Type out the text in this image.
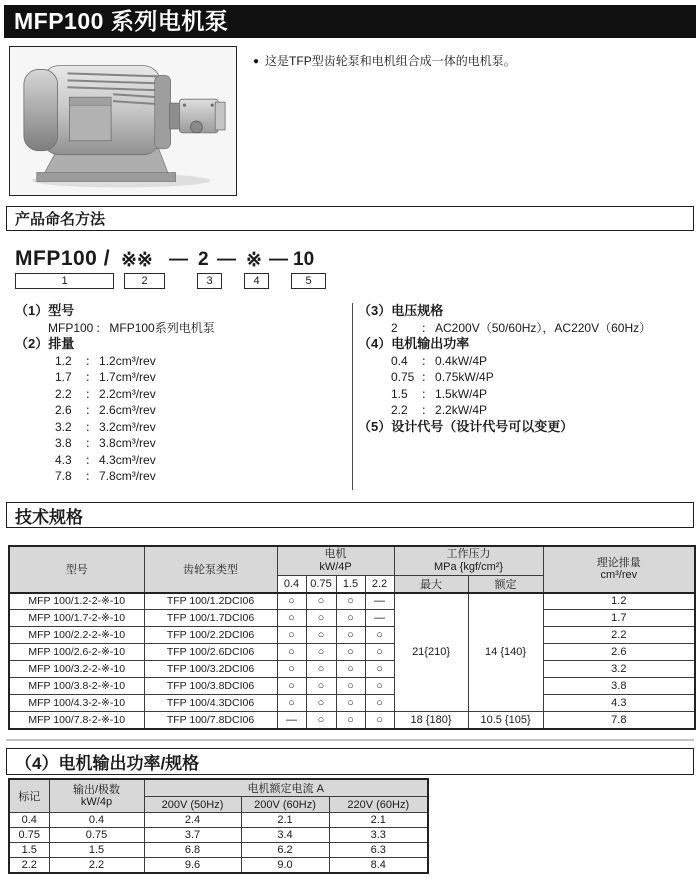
MFP100 系列电机泵
● 这是TFP型齿轮泵和电机组合成一体的电机泵。
产品命名方法
MFP100 / ※※ — 2 — ※ — 10
1	2	3	4	5
（1）型号
MFP100 ： MFP100系列电机泵
（2）排量
1.2 ： 1.2cm³/rev
1.7 ： 1.7cm³/rev
2.2 ： 2.2cm³/rev
2.6 ： 2.6cm³/rev
3.2 ： 3.2cm³/rev
3.8 ： 3.8cm³/rev
4.3 ： 4.3cm³/rev
7.8 ： 7.8cm³/rev
（3）电压规格
2 ： AC200V（50/60Hz），AC220V（60Hz）
（4）电机输出功率
0.4 ： 0.4kW/4P
0.75 ： 0.75kW/4P
1.5 ： 1.5kW/4P
2.2 ： 2.2kW/4P
（5）设计代号（设计代号可以变更）
技术规格
型号	齿轮泵类型	电机
kW/4P				工作压力
MPa {kgf/cm²}		理论排量
cm³/rev

		0.4	0.75	1.5	2.2	最大	额定	
MFP 100/1.2-2-※-10	TFP 100/1.2DCI06	○	○	○	—	21{210}	14 {140}	1.2
MFP 100/1.7-2-※-10	TFP 100/1.7DCI06	○	○	○	—			1.7
MFP 100/2.2-2-※-10	TFP 100/2.2DCI06	○	○	○	○			2.2
MFP 100/2.6-2-※-10	TFP 100/2.6DCI06	○	○	○	○			2.6
MFP 100/3.2-2-※-10	TFP 100/3.2DCI06	○	○	○	○			3.2
MFP 100/3.8-2-※-10	TFP 100/3.8DCI06	○	○	○	○			3.8
MFP 100/4.3-2-※-10	TFP 100/4.3DCI06	○	○	○	○			4.3
MFP 100/7.8-2-※-10	TFP 100/7.8DCI06	—	○	○	○	18 {180}	10.5 {105}	7.8
（4）电机输出功率/规格
标记	输出/极数
kW/4p	电机额定电流 A		
		200V (50Hz)	200V (60Hz)	220V (60Hz)
0.4	0.4	2.4	2.1	2.1
0.75	0.75	3.7	3.4	3.3
1.5	1.5	6.8	6.2	6.3
2.2	2.2	9.6	9.0	8.4
